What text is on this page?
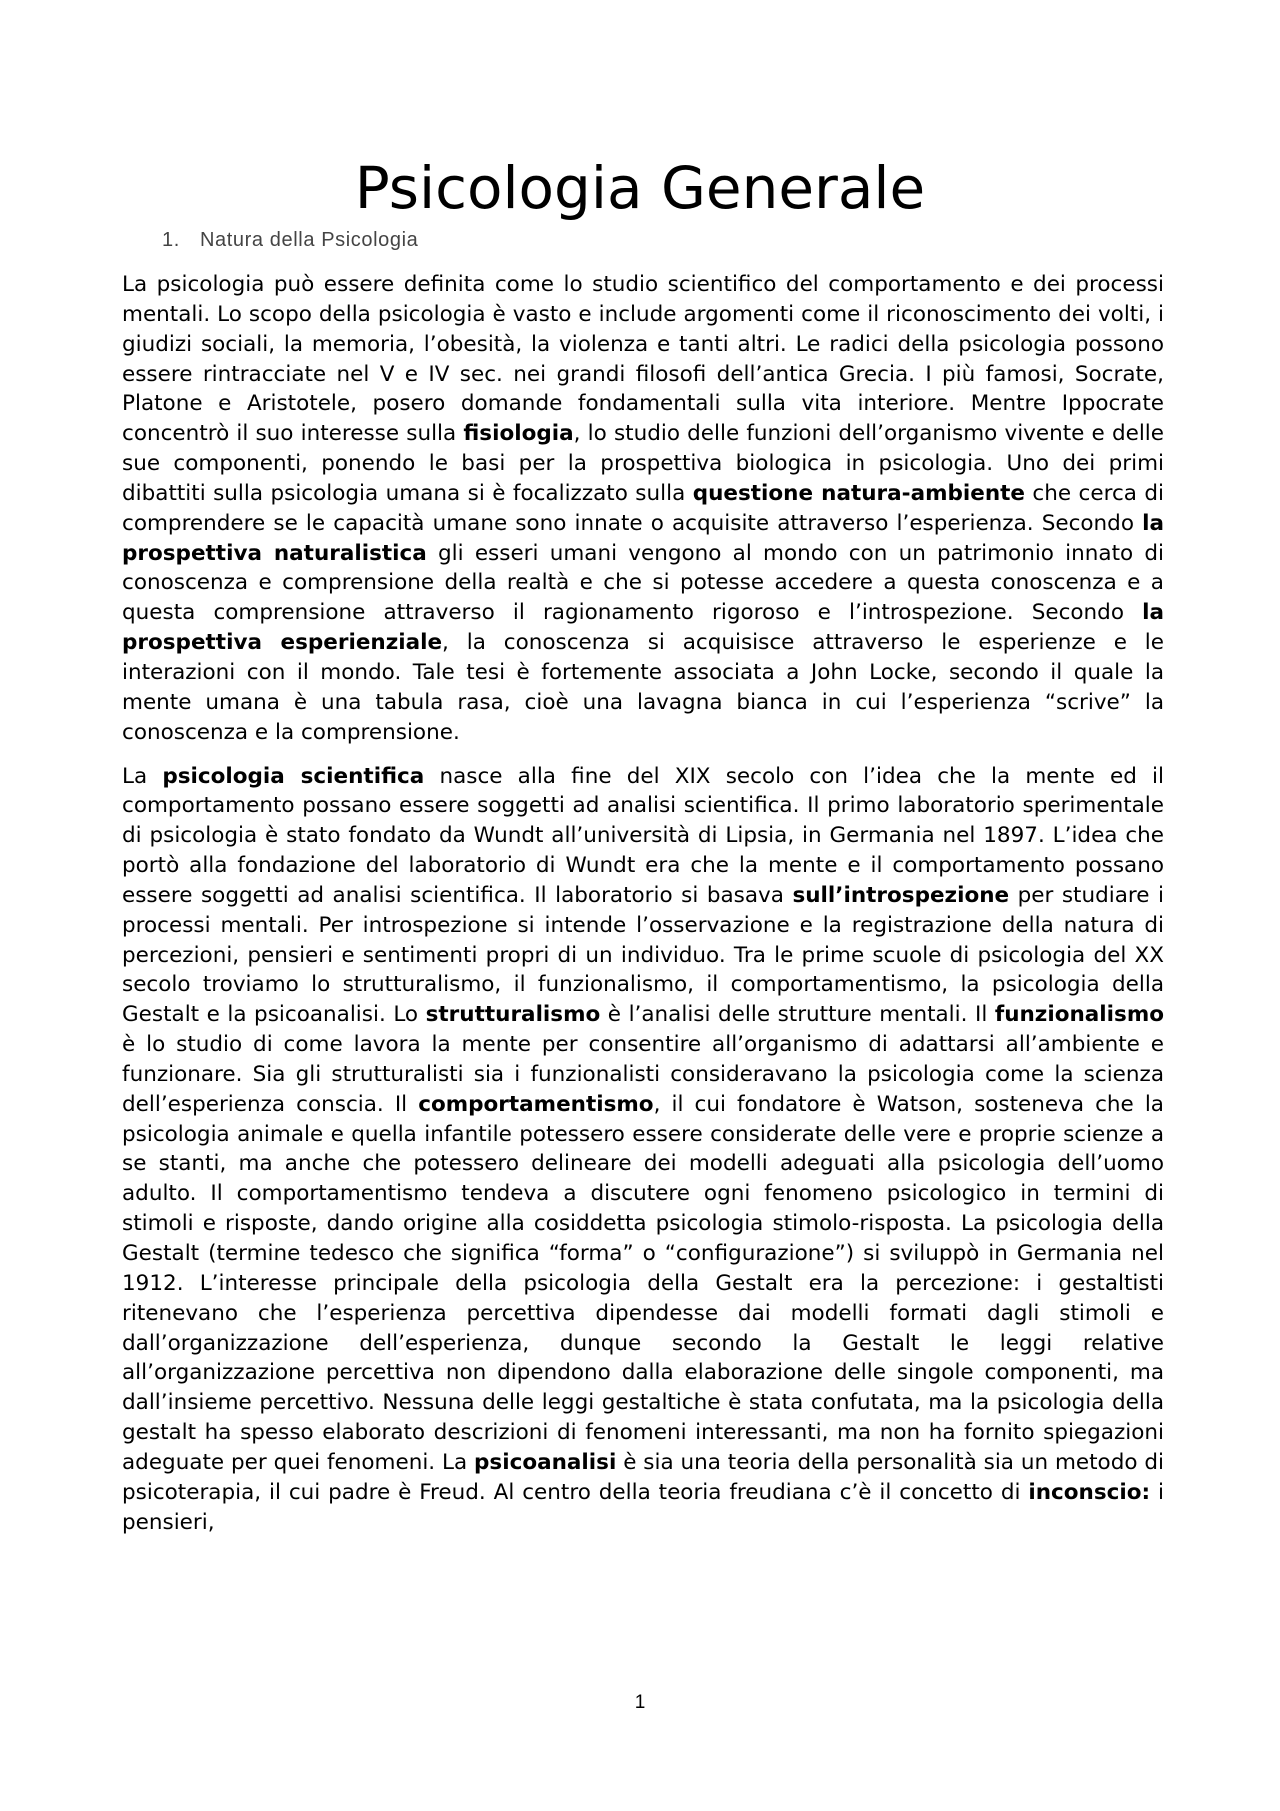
Psicologia Generale
1. Natura della Psicologia

La psicologia può essere definita come lo studio scientifico del comportamento e dei processi mentali. Lo scopo della psicologia è vasto e include argomenti come il riconoscimento dei volti, i giudizi sociali, la memoria, l’obesità, la violenza e tanti altri. Le radici della psicologia possono essere rintracciate nel V e IV sec. nei grandi filosofi dell’antica Grecia. I più famosi, Socrate, Platone e Aristotele, posero domande fondamentali sulla vita interiore. Mentre Ippocrate concentrò il suo interesse sulla fisiologia, lo studio delle funzioni dell’organismo vivente e delle sue componenti, ponendo le basi per la prospettiva biologica in psicologia. Uno dei primi dibattiti sulla psicologia umana si è focalizzato sulla questione natura-ambiente che cerca di comprendere se le capacità umane sono innate o acquisite attraverso l’esperienza. Secondo la prospettiva naturalistica gli esseri umani vengono al mondo con un patrimonio innato di conoscenza e comprensione della realtà e che si potesse accedere a questa conoscenza e a questa comprensione attraverso il ragionamento rigoroso e l’introspezione. Secondo la prospettiva esperienziale, la conoscenza si acquisisce attraverso le esperienze e le interazioni con il mondo. Tale tesi è fortemente associata a John Locke, secondo il quale la mente umana è una tabula rasa, cioè una lavagna bianca in cui l’esperienza “scrive” la conoscenza e la comprensione.

La psicologia scientifica nasce alla fine del XIX secolo con l’idea che la mente ed il comportamento possano essere soggetti ad analisi scientifica. Il primo laboratorio sperimentale di psicologia è stato fondato da Wundt all’università di Lipsia, in Germania nel 1897. L’idea che portò alla fondazione del laboratorio di Wundt era che la mente e il comportamento possano essere soggetti ad analisi scientifica. Il laboratorio si basava sull’introspezione per studiare i processi mentali. Per introspezione si intende l’osservazione e la registrazione della natura di percezioni, pensieri e sentimenti propri di un individuo. Tra le prime scuole di psicologia del XX secolo troviamo lo strutturalismo, il funzionalismo, il comportamentismo, la psicologia della Gestalt e la psicoanalisi. Lo strutturalismo è l’analisi delle strutture mentali. Il funzionalismo è lo studio di come lavora la mente per consentire all’organismo di adattarsi all’ambiente e funzionare. Sia gli strutturalisti sia i funzionalisti consideravano la psicologia come la scienza dell’esperienza conscia. Il comportamentismo, il cui fondatore è Watson, sosteneva che la psicologia animale e quella infantile potessero essere considerate delle vere e proprie scienze a se stanti, ma anche che potessero delineare dei modelli adeguati alla psicologia dell’uomo adulto. Il comportamentismo tendeva a discutere ogni fenomeno psicologico in termini di stimoli e risposte, dando origine alla cosiddetta psicologia stimolo-risposta. La psicologia della Gestalt (termine tedesco che significa “forma” o “configurazione”) si sviluppò in Germania nel 1912. L’interesse principale della psicologia della Gestalt era la percezione: i gestaltisti ritenevano che l’esperienza percettiva dipendesse dai modelli formati dagli stimoli e dall’organizzazione dell’esperienza, dunque secondo la Gestalt le leggi relative all’organizzazione percettiva non dipendono dalla elaborazione delle singole componenti, ma dall’insieme percettivo. Nessuna delle leggi gestaltiche è stata confutata, ma la psicologia della gestalt ha spesso elaborato descrizioni di fenomeni interessanti, ma non ha fornito spiegazioni adeguate per quei fenomeni. La psicoanalisi è sia una teoria della personalità sia un metodo di psicoterapia, il cui padre è Freud. Al centro della teoria freudiana c’è il concetto di inconscio: i pensieri,

1
